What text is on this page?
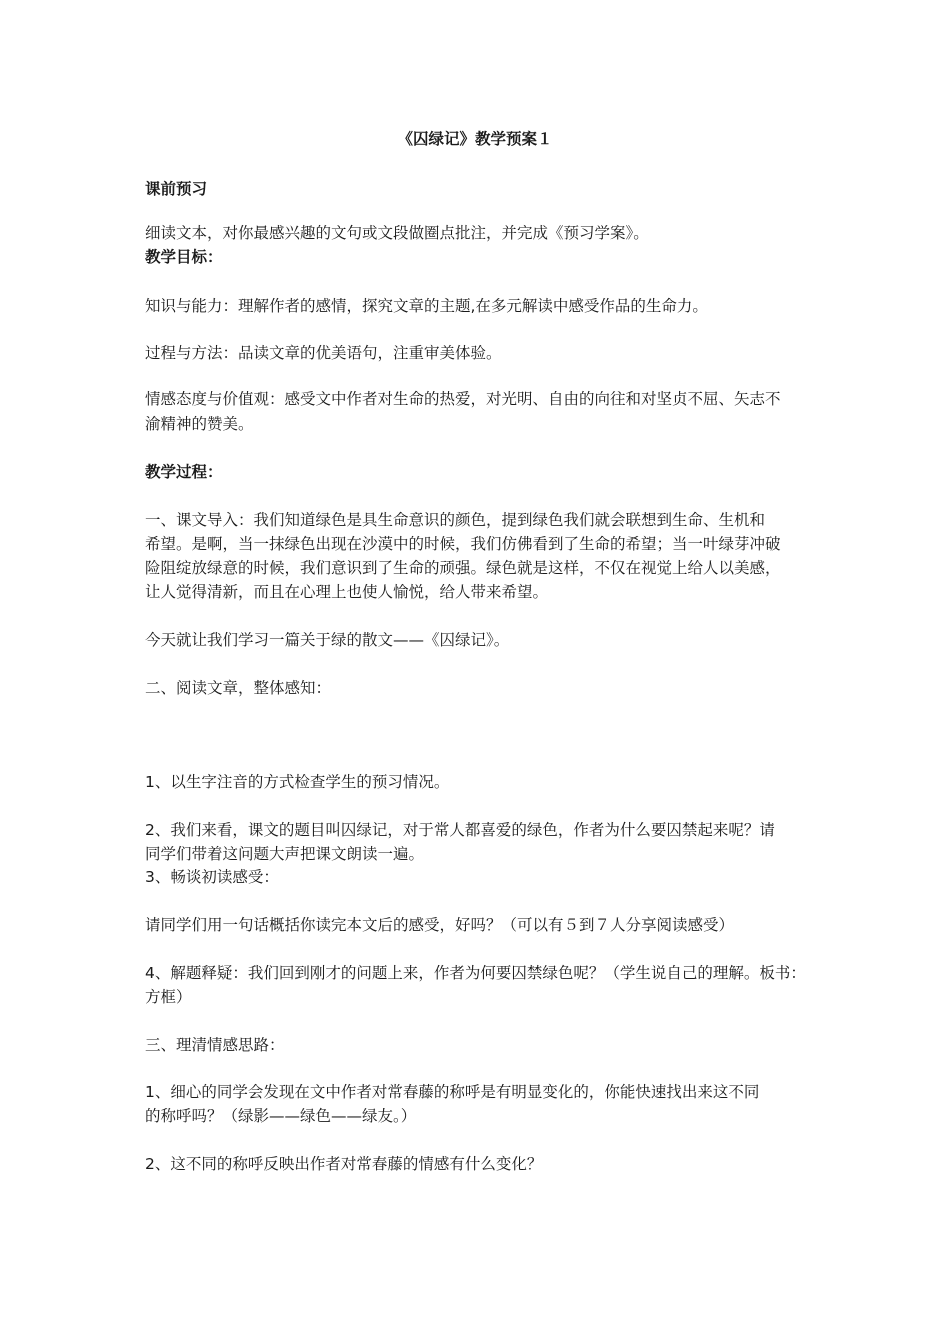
《囚绿记》教学预案１
课前预习
细读文本，对你最感兴趣的文句或文段做圈点批注，并完成《预习学案》。
教学目标：
知识与能力：理解作者的感情，探究文章的主题,在多元解读中感受作品的生命力。
过程与方法：品读文章的优美语句，注重审美体验。
情感态度与价值观：感受文中作者对生命的热爱，对光明、自由的向往和对坚贞不屈、矢志不
渝精神的赞美。
教学过程：
一、课文导入：我们知道绿色是具生命意识的颜色，提到绿色我们就会联想到生命、生机和
希望。是啊，当一抹绿色出现在沙漠中的时候，我们仿佛看到了生命的希望；当一叶绿芽冲破
险阻绽放绿意的时候，我们意识到了生命的顽强。绿色就是这样，不仅在视觉上给人以美感，
让人觉得清新，而且在心理上也使人愉悦，给人带来希望。
今天就让我们学习一篇关于绿的散文——《囚绿记》。
二、阅读文章，整体感知：
1、以生字注音的方式检查学生的预习情况。
2、我们来看，课文的题目叫囚绿记，对于常人都喜爱的绿色，作者为什么要囚禁起来呢？请
同学们带着这问题大声把课文朗读一遍。
3、畅谈初读感受：
请同学们用一句话概括你读完本文后的感受，好吗？（可以有５到７人分享阅读感受）
4、解题释疑：我们回到刚才的问题上来，作者为何要囚禁绿色呢？（学生说自己的理解。板书：
方框）
三、理清情感思路：
1、细心的同学会发现在文中作者对常春藤的称呼是有明显变化的，你能快速找出来这不同
的称呼吗？（绿影——绿色——绿友。）
2、这不同的称呼反映出作者对常春藤的情感有什么变化？
